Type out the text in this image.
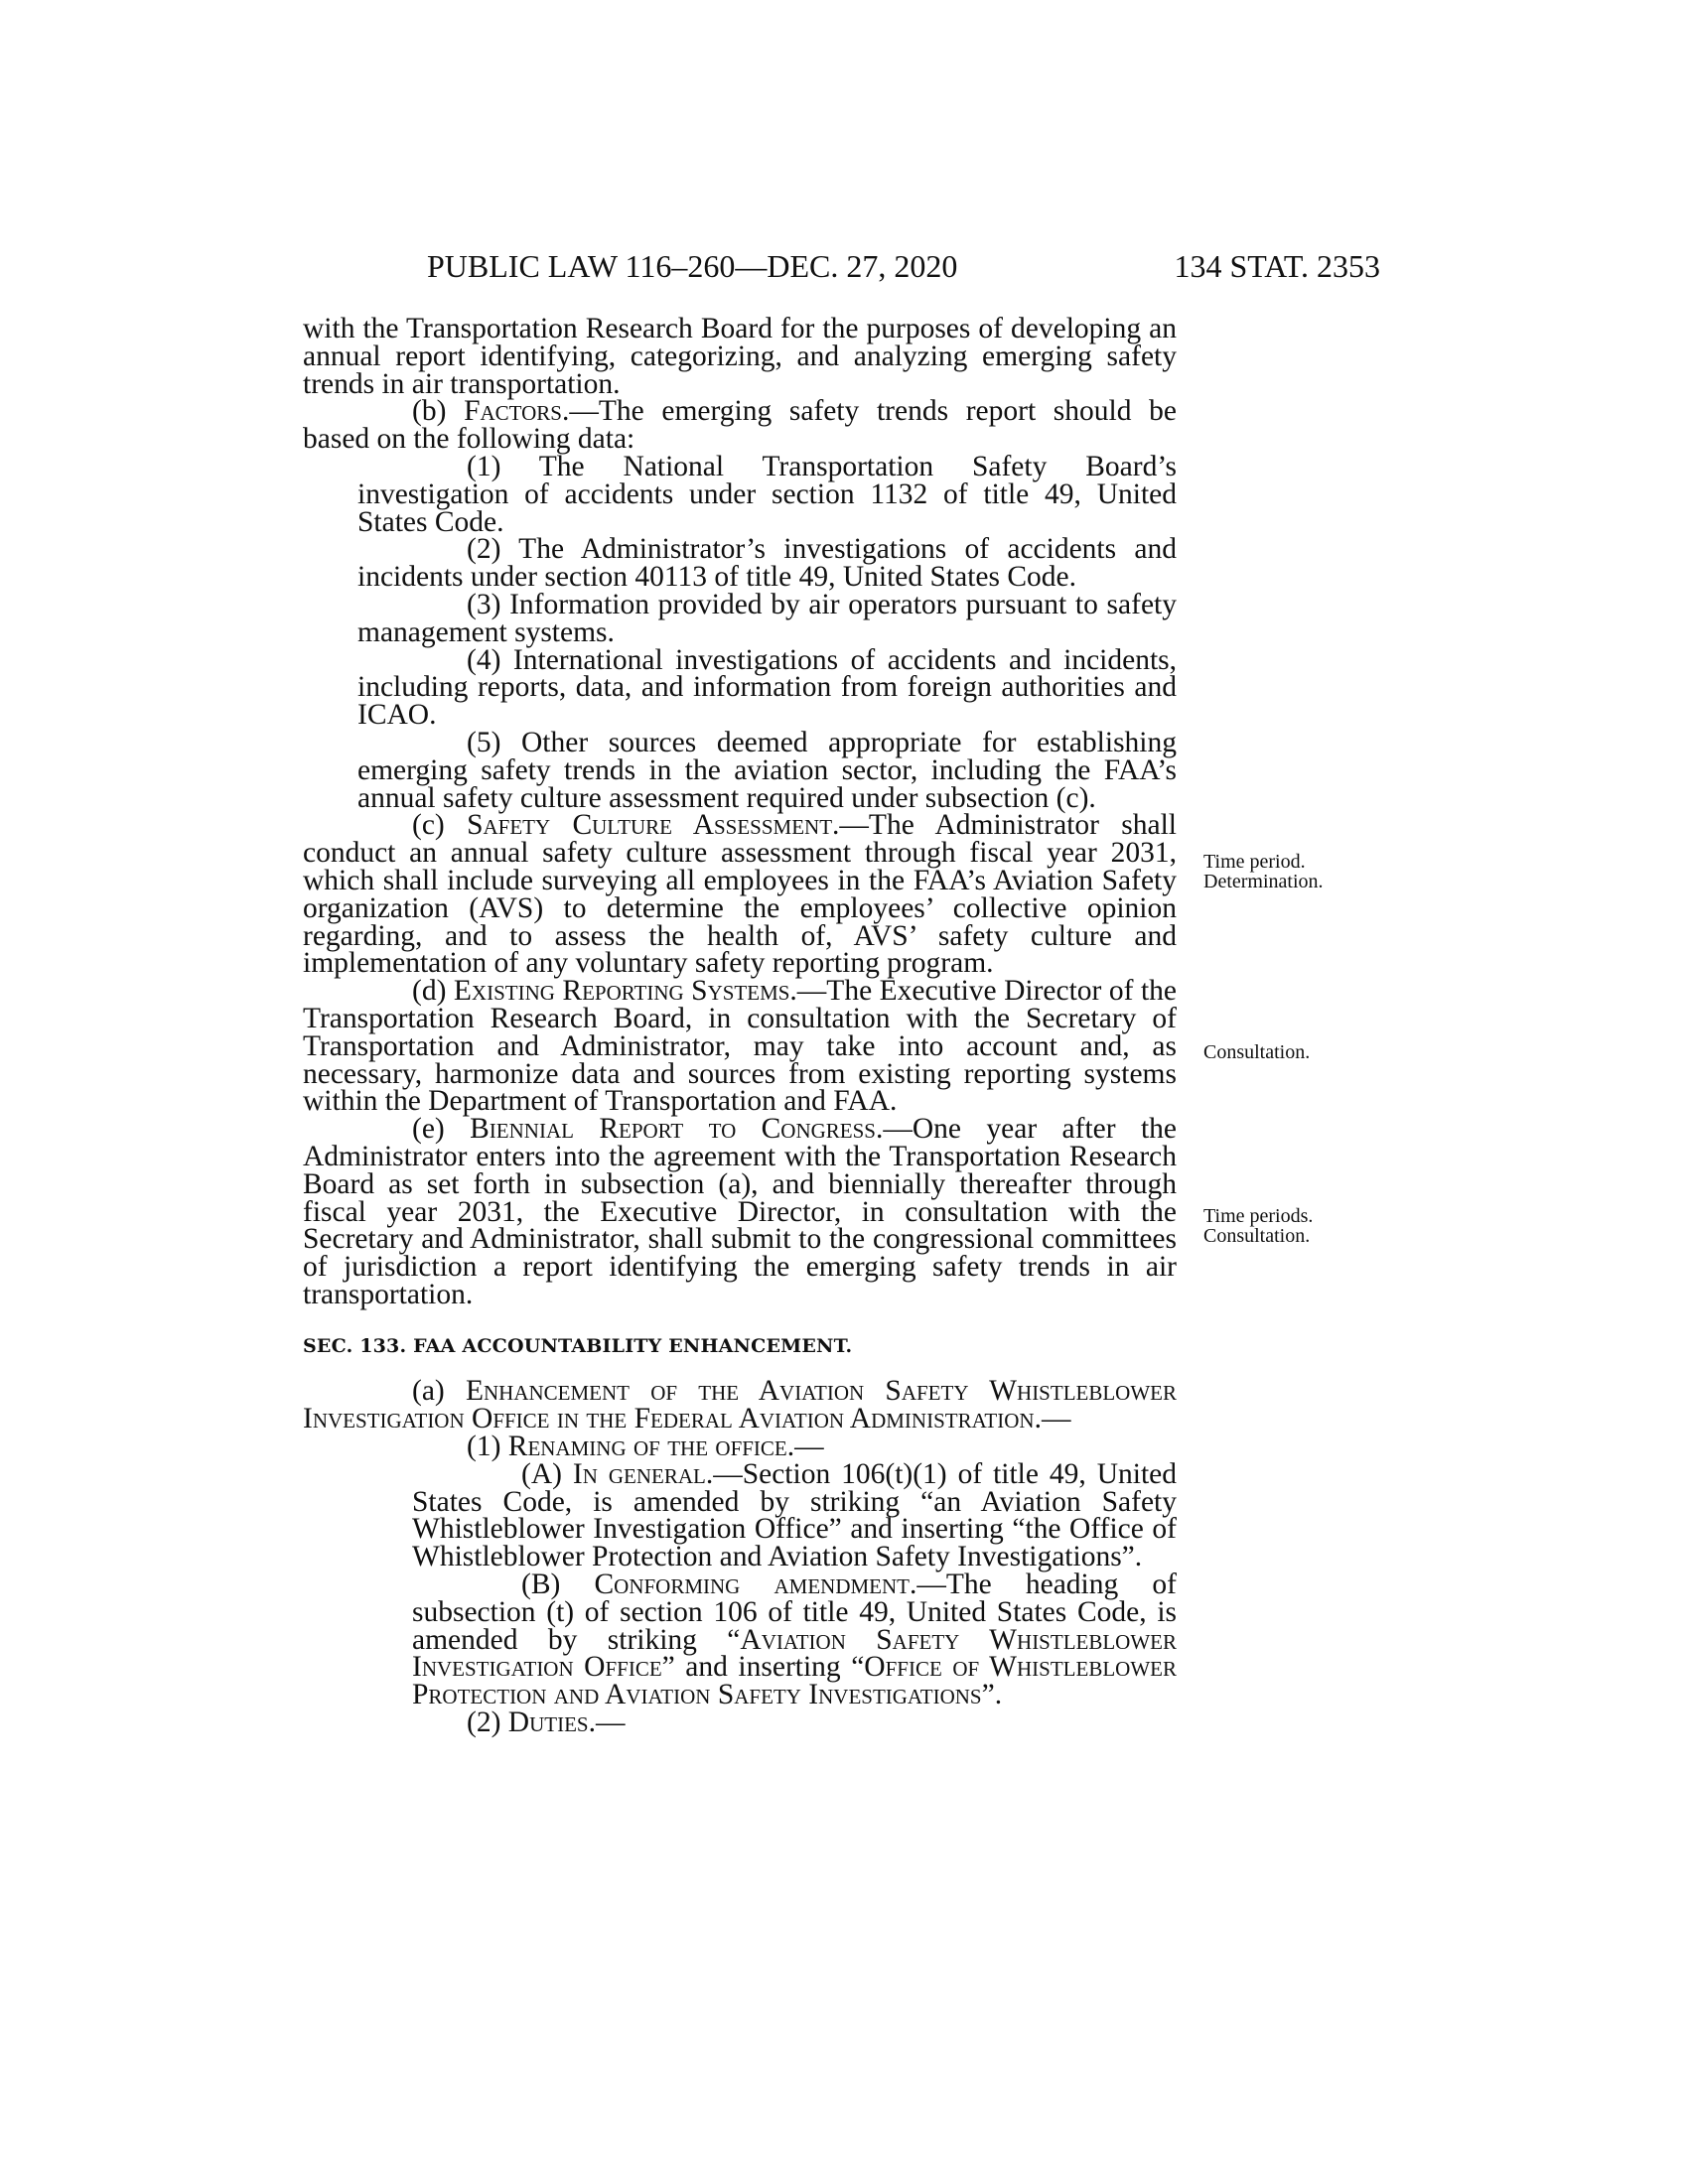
PUBLIC LAW 116–260—DEC. 27, 2020	134 STAT. 2353

with the Transportation Research Board for the purposes of developing an annual report identifying, categorizing, and analyzing emerging safety trends in air transportation.

(b) Factors.—The emerging safety trends report should be based on the following data:

(1) The National Transportation Safety Board’s investigation of accidents under section 1132 of title 49, United States Code.

(2) The Administrator’s investigations of accidents and incidents under section 40113 of title 49, United States Code.

(3) Information provided by air operators pursuant to safety management systems.

(4) International investigations of accidents and incidents, including reports, data, and information from foreign authorities and ICAO.

(5) Other sources deemed appropriate for establishing emerging safety trends in the aviation sector, including the FAA’s annual safety culture assessment required under subsection (c).

(c) Safety Culture Assessment.—The Administrator shall conduct an annual safety culture assessment through fiscal year 2031, which shall include surveying all employees in the FAA’s Aviation Safety organization (AVS) to determine the employees’ collective opinion regarding, and to assess the health of, AVS’ safety culture and implementation of any voluntary safety reporting program.

(d) Existing Reporting Systems.—The Executive Director of the Transportation Research Board, in consultation with the Secretary of Transportation and Administrator, may take into account and, as necessary, harmonize data and sources from existing reporting systems within the Department of Transportation and FAA.

(e) Biennial Report to Congress.—One year after the Administrator enters into the agreement with the Transportation Research Board as set forth in subsection (a), and biennially thereafter through fiscal year 2031, the Executive Director, in consultation with the Secretary and Administrator, shall submit to the congressional committees of jurisdiction a report identifying the emerging safety trends in air transportation.

SEC. 133. FAA ACCOUNTABILITY ENHANCEMENT.

(a) Enhancement of the Aviation Safety Whistleblower Investigation Office in the Federal Aviation Administration.—

(1) Renaming of the office.—

(A) In general.—Section 106(t)(1) of title 49, United States Code, is amended by striking “an Aviation Safety Whistleblower Investigation Office” and inserting “the Office of Whistleblower Protection and Aviation Safety Investigations”.

(B) Conforming amendment.—The heading of subsection (t) of section 106 of title 49, United States Code, is amended by striking “Aviation Safety Whistleblower Investigation Office” and inserting “Office of Whistleblower Protection and Aviation Safety Investigations”.

(2) Duties.—

Time period.
Determination.
Consultation.
Time periods.
Consultation.
